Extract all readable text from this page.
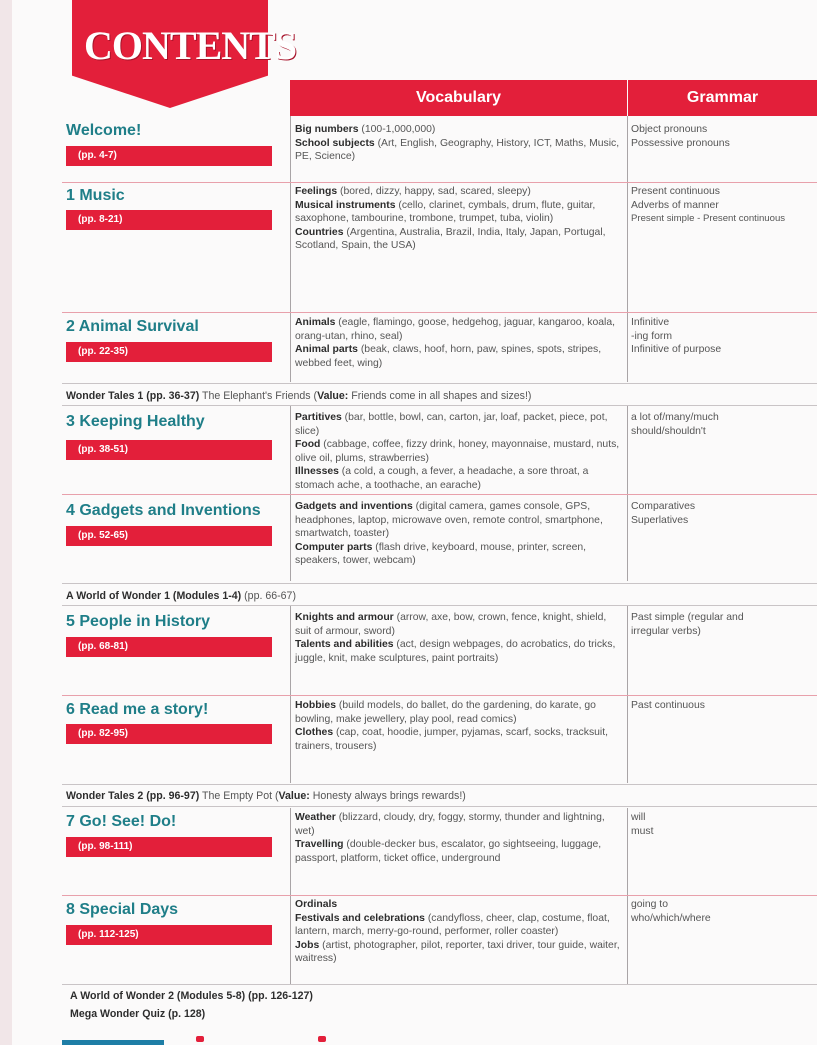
CONTENTS
Vocabulary	Grammar
Welcome!
(pp. 4-7)
Big numbers (100-1,000,000)
School subjects (Art, English, Geography, History, ICT, Maths, Music, PE, Science)
Object pronouns
Possessive pronouns
1 Music
(pp. 8-21)
Feelings (bored, dizzy, happy, sad, scared, sleepy)
Musical instruments (cello, clarinet, cymbals, drum, flute, guitar, saxophone, tambourine, trombone, trumpet, tuba, violin)
Countries (Argentina, Australia, Brazil, India, Italy, Japan, Portugal, Scotland, Spain, the USA)
Present continuous
Adverbs of manner
Present simple - Present continuous
2 Animal Survival
(pp. 22-35)
Animals (eagle, flamingo, goose, hedgehog, jaguar, kangaroo, koala, orang-utan, rhino, seal)
Animal parts (beak, claws, hoof, horn, paw, spines, spots, stripes, webbed feet, wing)
Infinitive
-ing form
Infinitive of purpose
Wonder Tales 1 (pp. 36-37) The Elephant's Friends (Value: Friends come in all shapes and sizes!)
3 Keeping Healthy
(pp. 38-51)
Partitives (bar, bottle, bowl, can, carton, jar, loaf, packet, piece, pot, slice)
Food (cabbage, coffee, fizzy drink, honey, mayonnaise, mustard, nuts, olive oil, plums, strawberries)
Illnesses (a cold, a cough, a fever, a headache, a sore throat, a stomach ache, a toothache, an earache)
a lot of/many/much
should/shouldn't
4 Gadgets and Inventions
(pp. 52-65)
Gadgets and inventions (digital camera, games console, GPS, headphones, laptop, microwave oven, remote control, smartphone, smartwatch, toaster)
Computer parts (flash drive, keyboard, mouse, printer, screen, speakers, tower, webcam)
Comparatives
Superlatives
A World of Wonder 1 (Modules 1-4) (pp. 66-67)
5 People in History
(pp. 68-81)
Knights and armour (arrow, axe, bow, crown, fence, knight, shield, suit of armour, sword)
Talents and abilities (act, design webpages, do acrobatics, do tricks, juggle, knit, make sculptures, paint portraits)
Past simple (regular and
irregular verbs)
6 Read me a story!
(pp. 82-95)
Hobbies (build models, do ballet, do the gardening, do karate, go bowling, make jewellery, play pool, read comics)
Clothes (cap, coat, hoodie, jumper, pyjamas, scarf, socks, tracksuit, trainers, trousers)
Past continuous
Wonder Tales 2 (pp. 96-97) The Empty Pot (Value: Honesty always brings rewards!)
7 Go! See! Do!
(pp. 98-111)
Weather (blizzard, cloudy, dry, foggy, stormy, thunder and lightning, wet)
Travelling (double-decker bus, escalator, go sightseeing, luggage, passport, platform, ticket office, underground
will
must
8 Special Days
(pp. 112-125)
Ordinals
Festivals and celebrations (candyfloss, cheer, clap, costume, float, lantern, march, merry-go-round, performer, roller coaster)
Jobs (artist, photographer, pilot, reporter, taxi driver, tour guide, waiter, waitress)
going to
who/which/where
A World of Wonder 2 (Modules 5-8) (pp. 126-127)
Mega Wonder Quiz (p. 128)
